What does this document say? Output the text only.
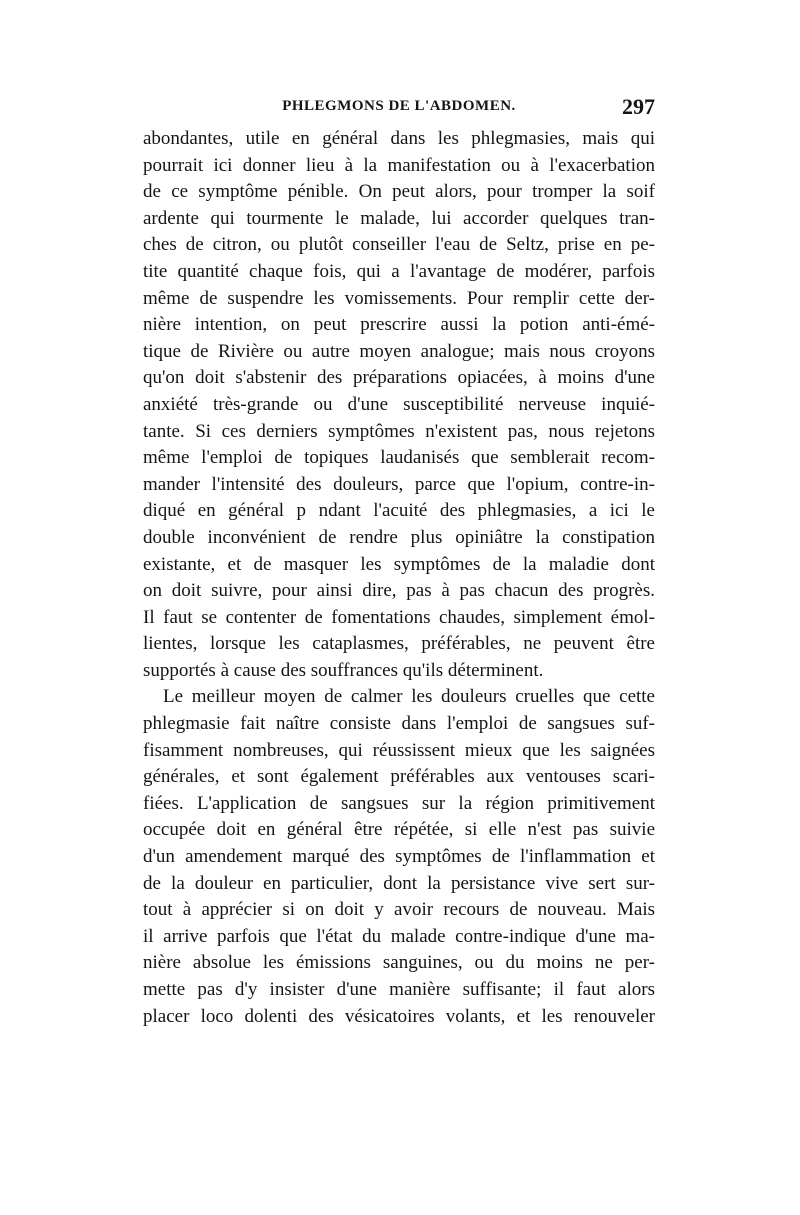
PHLEGMONS DE L'ABDOMEN.	297
abondantes, utile en général dans les phlegmasies, mais qui
pourrait ici donner lieu à la manifestation ou à l'exacerbation
de ce symptôme pénible. On peut alors, pour tromper la soif
ardente qui tourmente le malade, lui accorder quelques tran-
ches de citron, ou plutôt conseiller l'eau de Seltz, prise en pe-
tite quantité chaque fois, qui a l'avantage de modérer, parfois
même de suspendre les vomissements. Pour remplir cette der-
nière intention, on peut prescrire aussi la potion anti-émé-
tique de Rivière ou autre moyen analogue; mais nous croyons
qu'on doit s'abstenir des préparations opiacées, à moins d'une
anxiété très-grande ou d'une susceptibilité nerveuse inquié-
tante. Si ces derniers symptômes n'existent pas, nous rejetons
même l'emploi de topiques laudanisés que semblerait recom-
mander l'intensité des douleurs, parce que l'opium, contre-in-
diqué en général p ndant l'acuité des phlegmasies, a ici le
double inconvénient de rendre plus opiniâtre la constipation
existante, et de masquer les symptômes de la maladie dont
on doit suivre, pour ainsi dire, pas à pas chacun des progrès.
Il faut se contenter de fomentations chaudes, simplement émol-
lientes, lorsque les cataplasmes, préférables, ne peuvent être
supportés à cause des souffrances qu'ils déterminent.
Le meilleur moyen de calmer les douleurs cruelles que cette
phlegmasie fait naître consiste dans l'emploi de sangsues suf-
fisamment nombreuses, qui réussissent mieux que les saignées
générales, et sont également préférables aux ventouses scari-
fiées. L'application de sangsues sur la région primitivement
occupée doit en général être répétée, si elle n'est pas suivie
d'un amendement marqué des symptômes de l'inflammation et
de la douleur en particulier, dont la persistance vive sert sur-
tout à apprécier si on doit y avoir recours de nouveau. Mais
il arrive parfois que l'état du malade contre-indique d'une ma-
nière absolue les émissions sanguines, ou du moins ne per-
mette pas d'y insister d'une manière suffisante; il faut alors
placer loco dolenti des vésicatoires volants, et les renouveler
